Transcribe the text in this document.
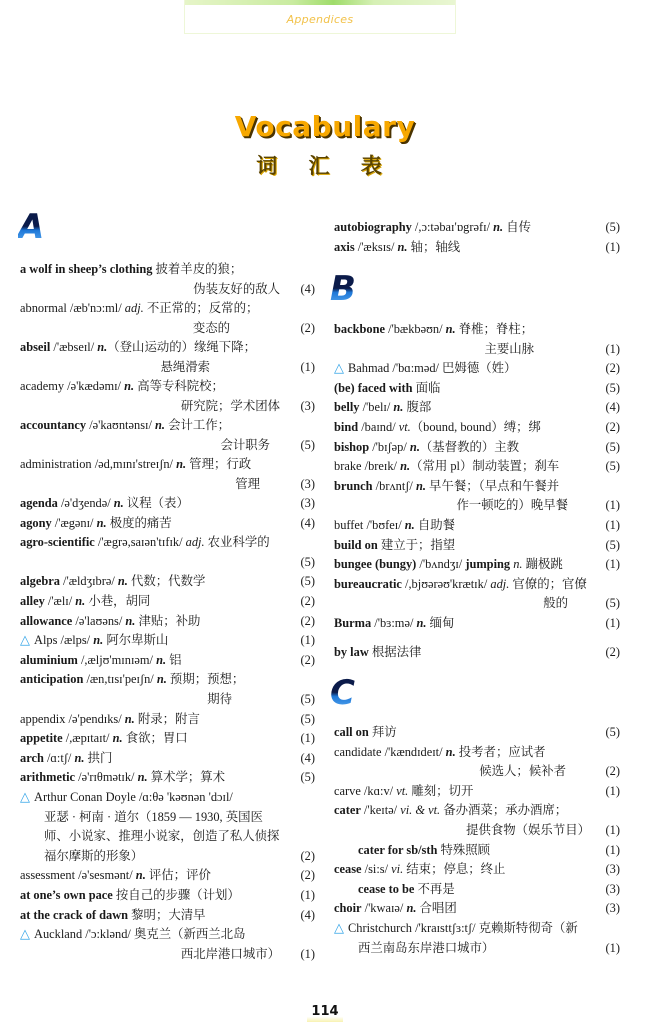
Appendices
Vocabulary
词 汇 表
A
a wolf in sheep’s clothing 披着羊皮的狼；
伪装友好的敌人 (4)
abnormal /æb'nɔ:ml/ adj. 不正常的；反常的；
变态的	(2)
abseil /'æbseɪl/ n.（登山运动的）缘绳下降；
悬绳滑索	(1)
academy /ə'kædəmɪ/ n. 高等专科院校；
研究院；学术团体 (3)
accountancy /ə'kaʊntənsɪ/ n. 会计工作；
会计职务 (5)
administration /əd,mɪnɪ'streɪʃn/ n. 管理；行政
管理	(3)
agenda /ə'dʒendə/ n. 议程（表）	(3)
agony /'ægənɪ/ n. 极度的痛苦	(4)
agro-scientific /'ægrə,saɪən'tɪfɪk/ adj. 农业科学的
(5)
algebra /'ældʒɪbrə/ n. 代数；代数学	(5)
alley /'ælɪ/ n. 小巷，胡同	(2)
allowance /ə'laʊəns/ n. 津贴；补助	(2)
△ Alps /ælps/ n. 阿尔卑斯山	(1)
aluminium /,æljʊ'mɪnɪəm/ n. 铝	(2)
anticipation /æn,tɪsɪ'peɪʃn/ n. 预期；预想；
期待	(5)
appendix /ə'pendɪks/ n. 附录；附言	(5)
appetite /,æpɪtaɪt/ n. 食欲；胃口	(1)
arch /ɑ:tʃ/ n. 拱门	(4)
arithmetic /ə'rɪθmətɪk/ n. 算术学；算术	(5)
△ Arthur Conan Doyle /ɑ:θə 'kəʊnən 'dɔɪl/
亚瑟 · 柯南 · 道尔（1859 — 1930, 英国医
师、小说家、推理小说家，创造了私人侦探
福尔摩斯的形象）	(2)
assessment /ə'sesmənt/ n. 评估；评价	(2)
at one’s own pace 按自己的步骤（计划）	(1)
at the crack of dawn 黎明；大清早	(4)
△ Auckland /'ɔ:klənd/ 奥克兰（新西兰北岛
西北岸港口城市） (1)
autobiography /,ɔ:təbaɪ'ɒgrəfɪ/ n. 自传	(5)
axis /'æksɪs/ n. 轴；轴线	(1)
B
backbone /'bækbəʊn/ n. 脊椎；脊柱；
主要山脉	(1)
△ Bahmad /'bɑ:məd/ 巴姆德（姓）	(2)
(be) faced with 面临	(5)
belly /'belɪ/ n. 腹部	(4)
bind /baɪnd/ vt.（bound, bound）缚；绑	(2)
bishop /'bɪʃəp/ n.（基督教的）主教	(5)
brake /breɪk/ n.（常用 pl）制动装置；刹车	(5)
brunch /brʌntʃ/ n. 早午餐；（早点和午餐并
作一顿吃的）晚早餐	(1)
buffet /'bʊfeɪ/ n. 自助餐	(1)
build on 建立于；指望	(5)
bungee (bungy) /'bʌndʒɪ/ jumping n. 蹦极跳	(1)
bureaucratic /,bjʊərəʊ'krætɪk/ adj. 官僚的；官僚
般的	(5)
Burma /'bɜ:mə/ n. 缅甸	(1)
by law 根据法律	(2)
C
call on 拜访	(5)
candidate /'kændɪdeɪt/ n. 投考者；应试者
候选人；候补者	(2)
carve /kɑ:v/ vt. 雕刻；切开	(1)
cater /'keɪtə/ vi. & vt. 备办酒菜；承办酒席；
提供食物（娱乐节目） (1)
cater for sb/sth 特殊照顾	(1)
cease /si:s/ vi. 结束；停息；终止	(3)
cease to be 不再是	(3)
choir /'kwaɪə/ n. 合唱团	(3)
△ Christchurch /'kraɪsttʃɜ:tʃ/ 克赖斯特彻奇（新
西兰南岛东岸港口城市）	(1)
114
